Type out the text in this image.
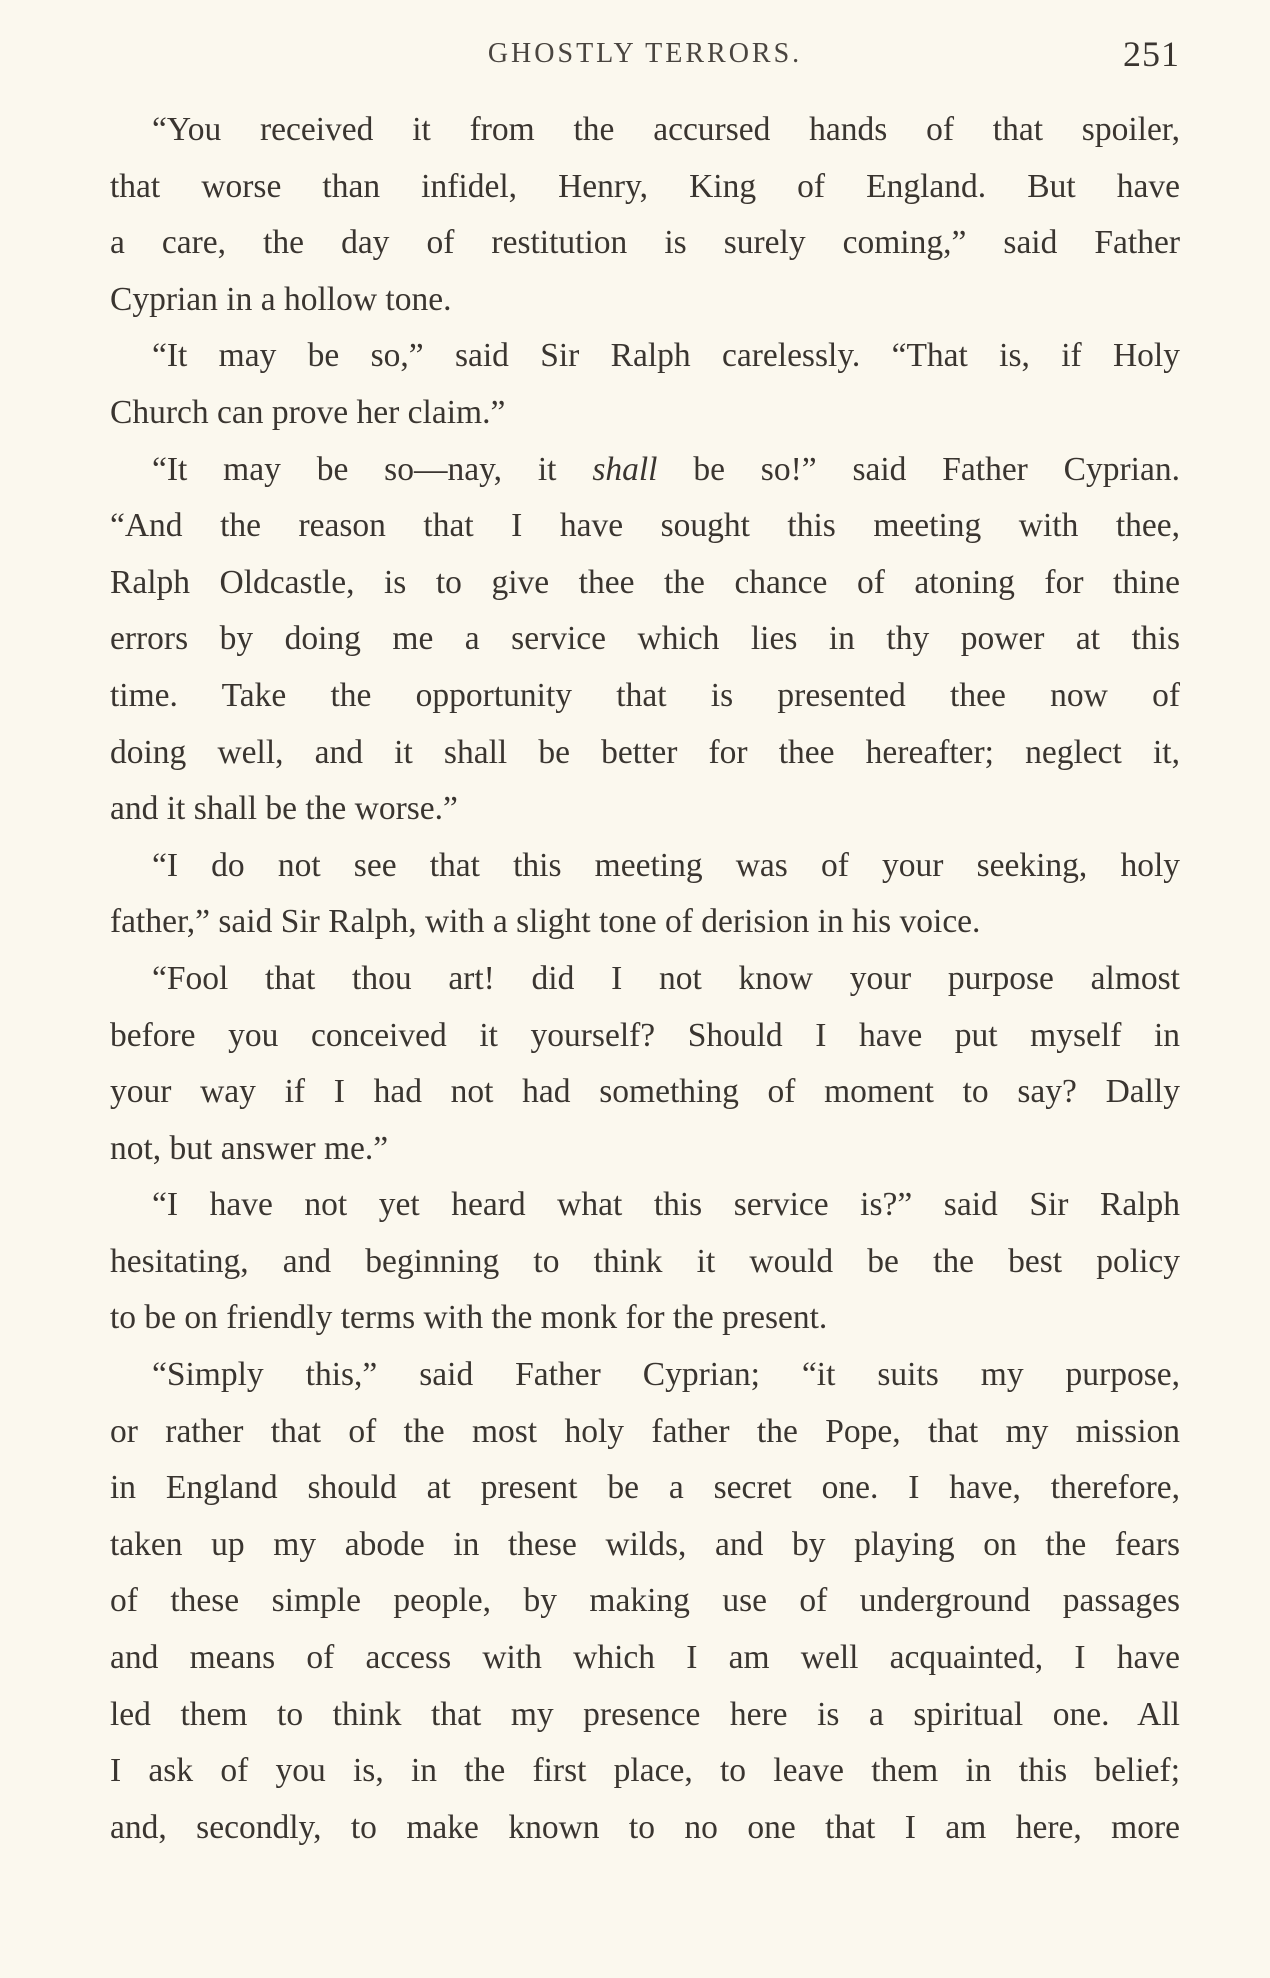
GHOSTLY TERRORS.	251
“You received it from the accursed hands of that spoiler,
that worse than infidel, Henry, King of England. But have
a care, the day of restitution is surely coming,” said Father
Cyprian in a hollow tone.
“It may be so,” said Sir Ralph carelessly. “That is, if Holy
Church can prove her claim.”
“It may be so—nay, it shall be so!” said Father Cyprian.
“And the reason that I have sought this meeting with thee,
Ralph Oldcastle, is to give thee the chance of atoning for thine
errors by doing me a service which lies in thy power at this
time. Take the opportunity that is presented thee now of
doing well, and it shall be better for thee hereafter; neglect it,
and it shall be the worse.”
“I do not see that this meeting was of your seeking, holy
father,” said Sir Ralph, with a slight tone of derision in his voice.
“Fool that thou art! did I not know your purpose almost
before you conceived it yourself? Should I have put myself in
your way if I had not had something of moment to say? Dally
not, but answer me.”
“I have not yet heard what this service is?” said Sir Ralph
hesitating, and beginning to think it would be the best policy
to be on friendly terms with the monk for the present.
“Simply this,” said Father Cyprian; “it suits my purpose,
or rather that of the most holy father the Pope, that my mission
in England should at present be a secret one. I have, therefore,
taken up my abode in these wilds, and by playing on the fears
of these simple people, by making use of underground passages
and means of access with which I am well acquainted, I have
led them to think that my presence here is a spiritual one. All
I ask of you is, in the first place, to leave them in this belief;
and, secondly, to make known to no one that I am here, more
